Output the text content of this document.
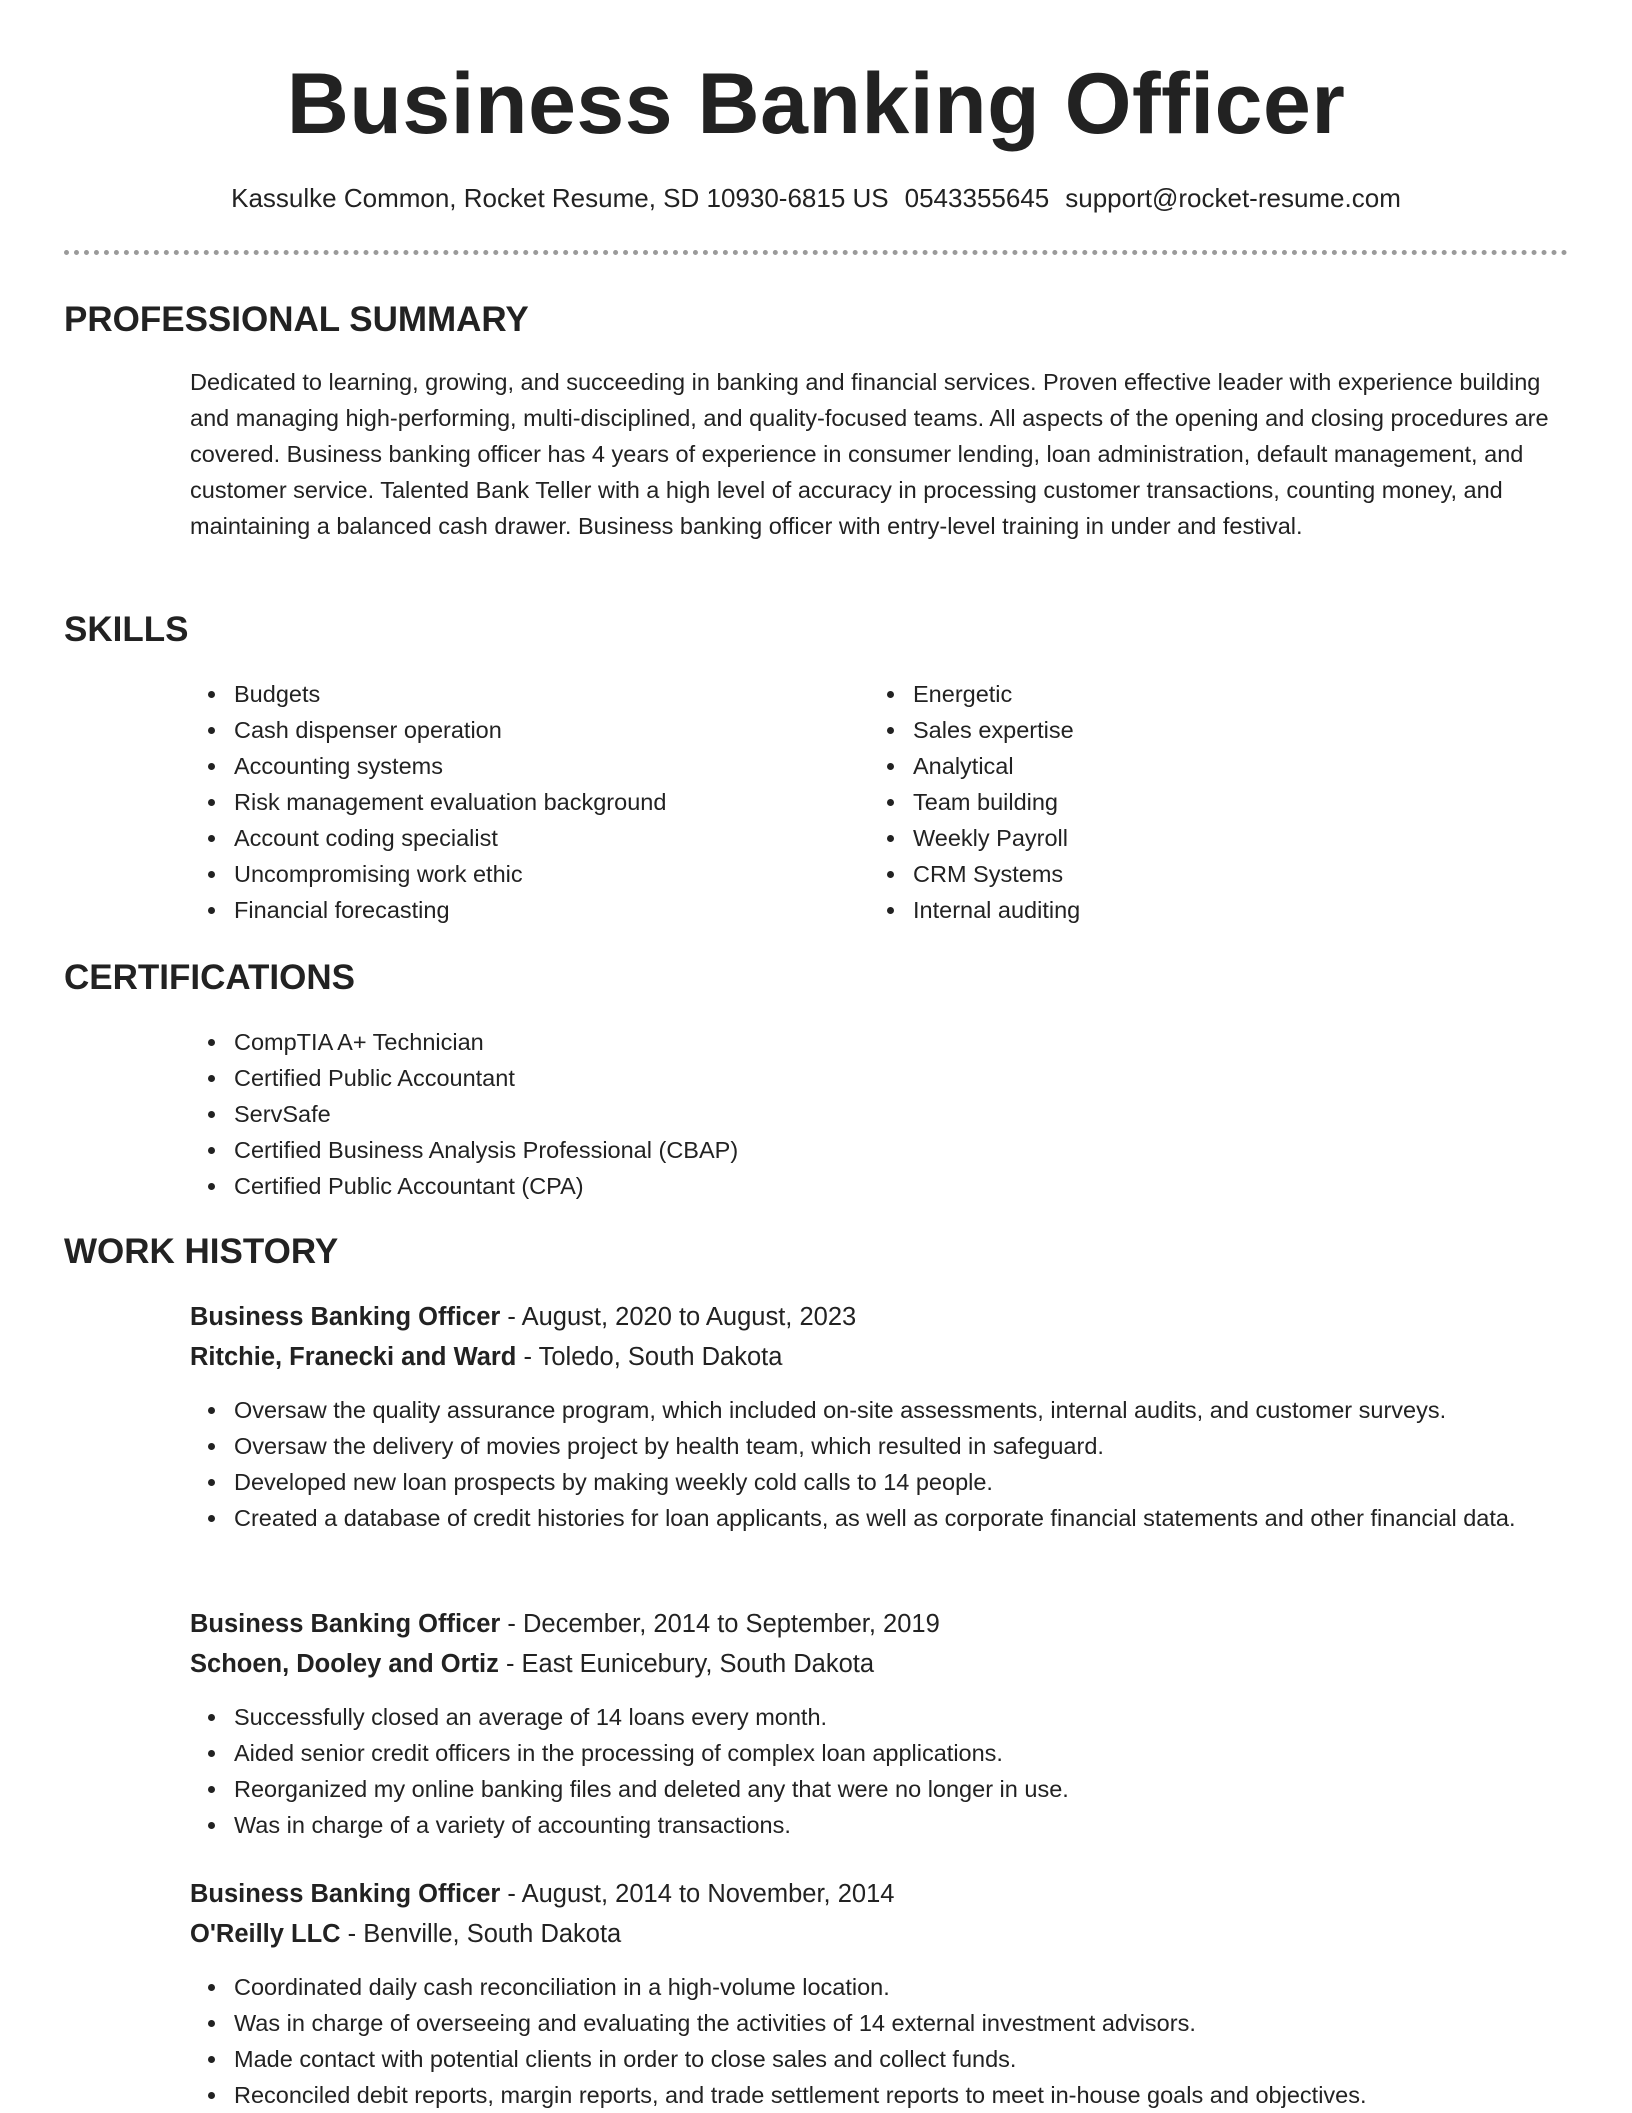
Business Banking Officer
Kassulke Common, Rocket Resume, SD 10930-6815 US 0543355645 support@rocket-resume.com
PROFESSIONAL SUMMARY

Dedicated to learning, growing, and succeeding in banking and financial services. Proven effective leader with experience building and managing high-performing, multi-disciplined, and quality-focused teams. All aspects of the opening and closing procedures are covered. Business banking officer has 4 years of experience in consumer lending, loan administration, default management, and customer service. Talented Bank Teller with a high level of accuracy in processing customer transactions, counting money, and maintaining a balanced cash drawer. Business banking officer with entry-level training in under and festival.

SKILLS
Budgets
Cash dispenser operation
Accounting systems
Risk management evaluation background
Account coding specialist
Uncompromising work ethic
Financial forecasting
Energetic
Sales expertise
Analytical
Team building
Weekly Payroll
CRM Systems
Internal auditing
CERTIFICATIONS
CompTIA A+ Technician
Certified Public Accountant
ServSafe
Certified Business Analysis Professional (CBAP)
Certified Public Accountant (CPA)
WORK HISTORY
Business Banking Officer - August, 2020 to August, 2023
Ritchie, Franecki and Ward - Toledo, South Dakota
Oversaw the quality assurance program, which included on-site assessments, internal audits, and customer surveys.
Oversaw the delivery of movies project by health team, which resulted in safeguard.
Developed new loan prospects by making weekly cold calls to 14 people.
Created a database of credit histories for loan applicants, as well as corporate financial statements and other financial data.
Business Banking Officer - December, 2014 to September, 2019
Schoen, Dooley and Ortiz - East Eunicebury, South Dakota
Successfully closed an average of 14 loans every month.
Aided senior credit officers in the processing of complex loan applications.
Reorganized my online banking files and deleted any that were no longer in use.
Was in charge of a variety of accounting transactions.
Business Banking Officer - August, 2014 to November, 2014
O'Reilly LLC - Benville, South Dakota
Coordinated daily cash reconciliation in a high-volume location.
Was in charge of overseeing and evaluating the activities of 14 external investment advisors.
Made contact with potential clients in order to close sales and collect funds.
Reconciled debit reports, margin reports, and trade settlement reports to meet in-house goals and objectives.
